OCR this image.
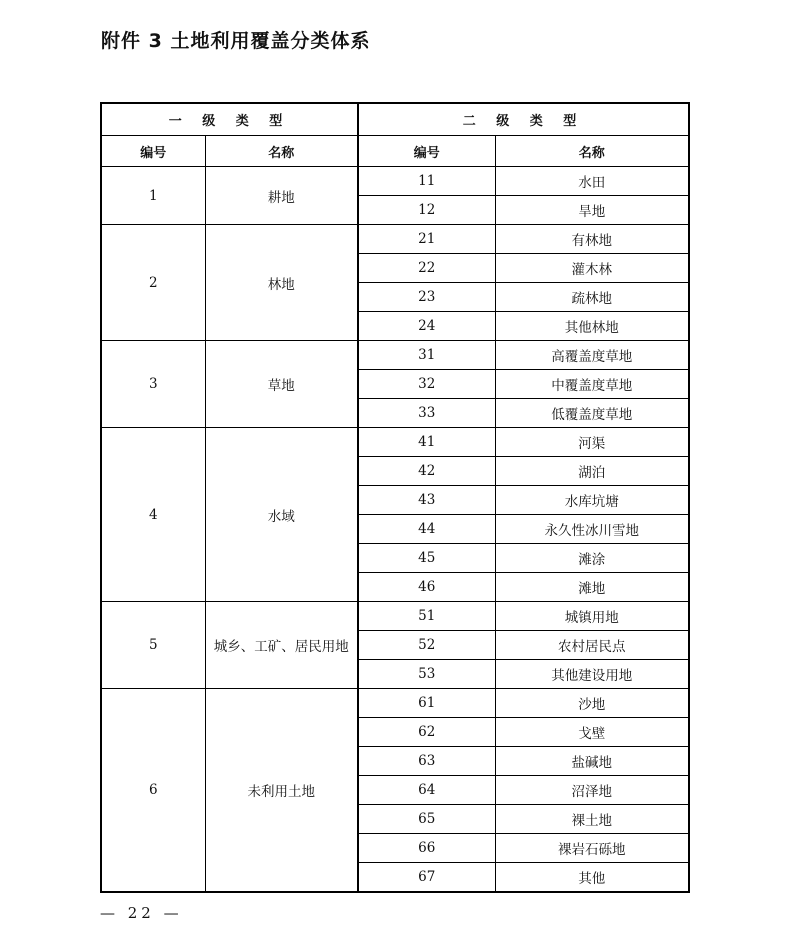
附件 3 土地利用覆盖分类体系
一 级 类 型		二 级 类 型	
编号	名称	编号	名称
1	耕地	11	水田
		12	旱地
2	林地	21	有林地
		22	灌木林
		23	疏林地
		24	其他林地
3	草地	31	高覆盖度草地
		32	中覆盖度草地
		33	低覆盖度草地
4	水域	41	河渠
		42	湖泊
		43	水库坑塘
		44	永久性冰川雪地
		45	滩涂
		46	滩地
5	城乡、工矿、居民用地	51	城镇用地
		52	农村居民点
		53	其他建设用地
6	未利用土地	61	沙地
		62	戈壁
		63	盐碱地
		64	沼泽地
		65	裸土地
		66	裸岩石砾地
		67	其他
— 22 —
